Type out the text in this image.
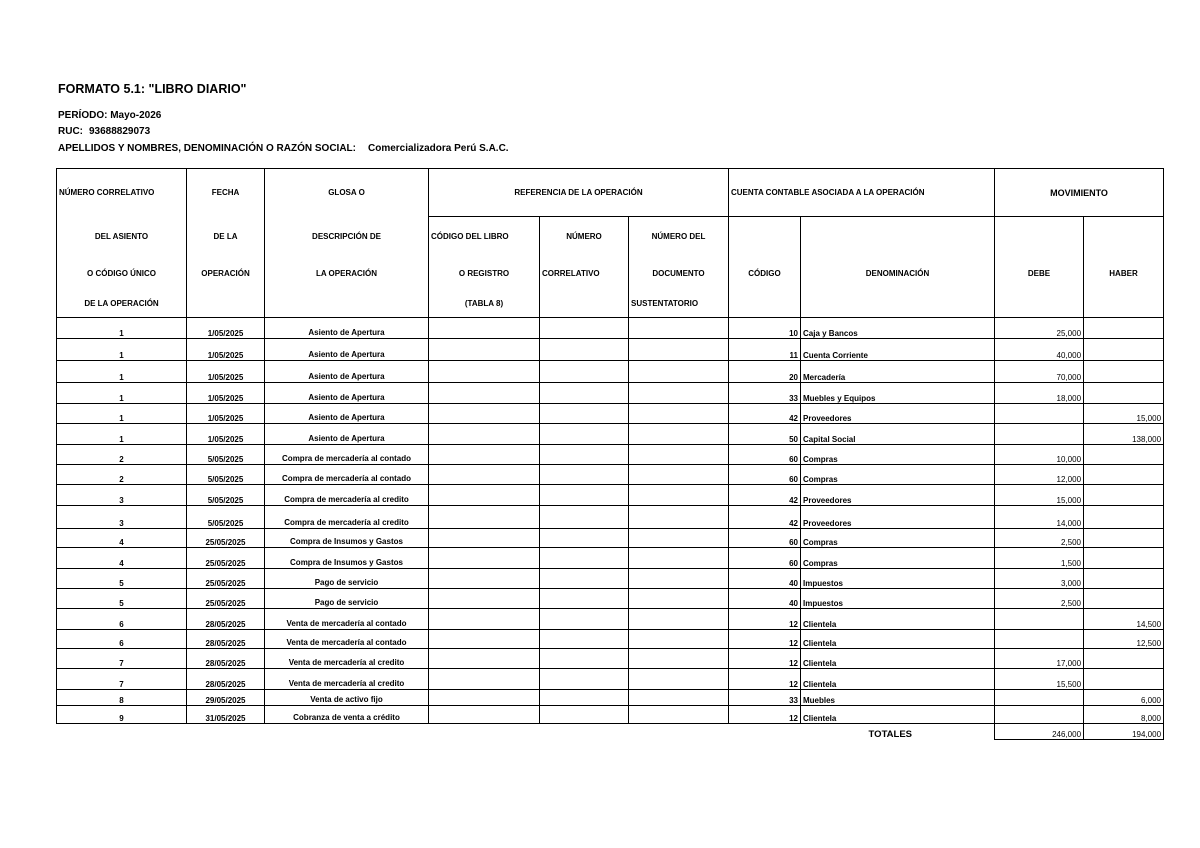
FORMATO 5.1: "LIBRO DIARIO"
PERÍODO: Mayo-2026
RUC: 93688829073
APELLIDOS Y NOMBRES, DENOMINACIÓN O RAZÓN SOCIAL: Comercializadora Perú S.A.C.
NÚMERO CORRELATIVO	FECHA	GLOSA O	REFERENCIA DE LA OPERACIÓN			CUENTA CONTABLE ASOCIADA A LA OPERACIÓN		MOVIMIENTO	
DEL ASIENTO	DE LA	DESCRIPCIÓN DE	CÓDIGO DEL LIBRO	NÚMERO	NÚMERO DEL				
O CÓDIGO ÚNICO	OPERACIÓN	LA OPERACIÓN	O REGISTRO	CORRELATIVO	DOCUMENTO	CÓDIGO	DENOMINACIÓN	DEBE	HABER
DE LA OPERACIÓN			(TABLA 8)		SUSTENTATORIO				
1	1/05/2025	Asiento de Apertura				10	Caja y Bancos	25,000	
1	1/05/2025	Asiento de Apertura				11	Cuenta Corriente	40,000	
1	1/05/2025	Asiento de Apertura				20	Mercadería	70,000	
1	1/05/2025	Asiento de Apertura				33	Muebles y Equipos	18,000	
1	1/05/2025	Asiento de Apertura				42	Proveedores		15,000
1	1/05/2025	Asiento de Apertura				50	Capital Social		138,000
2	5/05/2025	Compra de mercadería al contado				60	Compras	10,000	
2	5/05/2025	Compra de mercadería al contado				60	Compras	12,000	
3	5/05/2025	Compra de mercadería al credito				42	Proveedores	15,000	
3	5/05/2025	Compra de mercadería al credito				42	Proveedores	14,000	
4	25/05/2025	Compra de Insumos y Gastos				60	Compras	2,500	
4	25/05/2025	Compra de Insumos y Gastos				60	Compras	1,500	
5	25/05/2025	Pago de servicio				40	Impuestos	3,000	
5	25/05/2025	Pago de servicio				40	Impuestos	2,500	
6	28/05/2025	Venta de mercadería al contado				12	Clientela		14,500
6	28/05/2025	Venta de mercadería al contado				12	Clientela		12,500
7	28/05/2025	Venta de mercadería al credito				12	Clientela	17,000	
7	28/05/2025	Venta de mercadería al credito				12	Clientela	15,500	
8	29/05/2025	Venta de activo fijo				33	Muebles		6,000
9	31/05/2025	Cobranza de venta a crédito				12	Clientela		8,000
TOTALES								246,000	194,000
